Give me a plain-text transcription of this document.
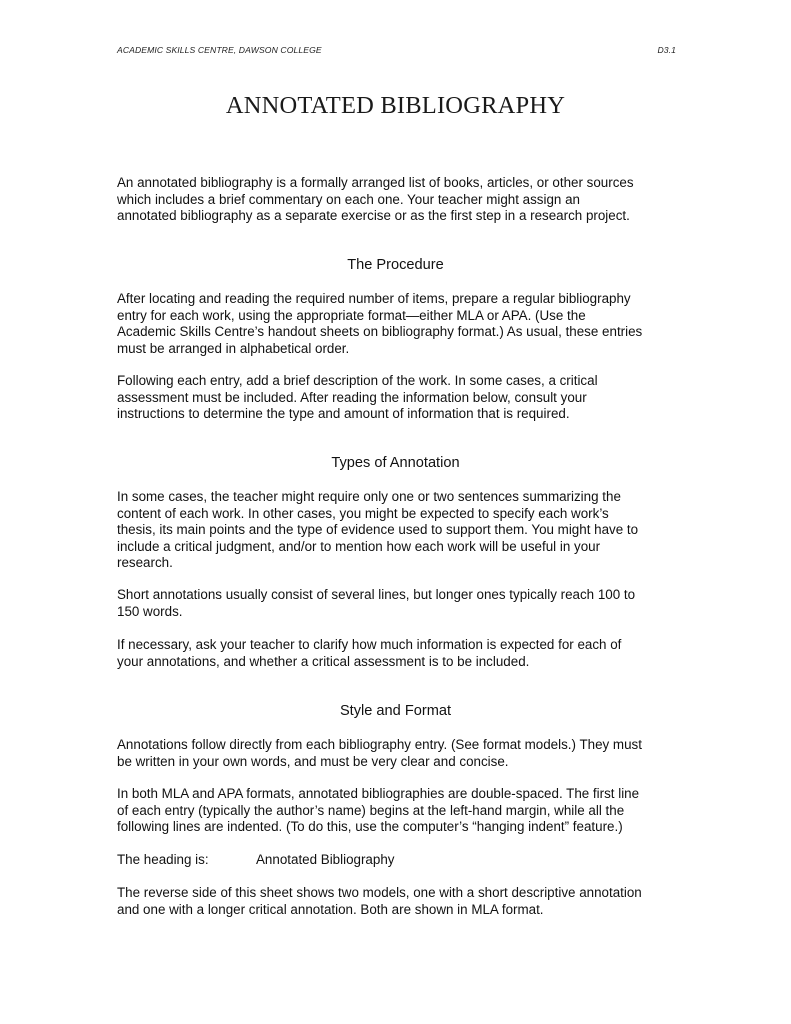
ACADEMIC SKILLS CENTRE, DAWSON COLLEGE	D3.1
ANNOTATED BIBLIOGRAPHY
An annotated bibliography is a formally arranged list of books, articles, or other sources
which includes a brief commentary on each one. Your teacher might assign an
annotated bibliography as a separate exercise or as the first step in a research project.
The Procedure
After locating and reading the required number of items, prepare a regular bibliography
entry for each work, using the appropriate format—either MLA or APA. (Use the
Academic Skills Centre’s handout sheets on bibliography format.) As usual, these entries
must be arranged in alphabetical order.
Following each entry, add a brief description of the work. In some cases, a critical
assessment must be included. After reading the information below, consult your
instructions to determine the type and amount of information that is required.
Types of Annotation
In some cases, the teacher might require only one or two sentences summarizing the
content of each work. In other cases, you might be expected to specify each work’s
thesis, its main points and the type of evidence used to support them. You might have to
include a critical judgment, and/or to mention how each work will be useful in your
research.
Short annotations usually consist of several lines, but longer ones typically reach 100 to
150 words.
If necessary, ask your teacher to clarify how much information is expected for each of
your annotations, and whether a critical assessment is to be included.
Style and Format
Annotations follow directly from each bibliography entry. (See format models.) They must
be written in your own words, and must be very clear and concise.
In both MLA and APA formats, annotated bibliographies are double-spaced. The first line
of each entry (typically the author’s name) begins at the left-hand margin, while all the
following lines are indented. (To do this, use the computer’s “hanging indent” feature.)
The heading is:	Annotated Bibliography
The reverse side of this sheet shows two models, one with a short descriptive annotation
and one with a longer critical annotation. Both are shown in MLA format.
